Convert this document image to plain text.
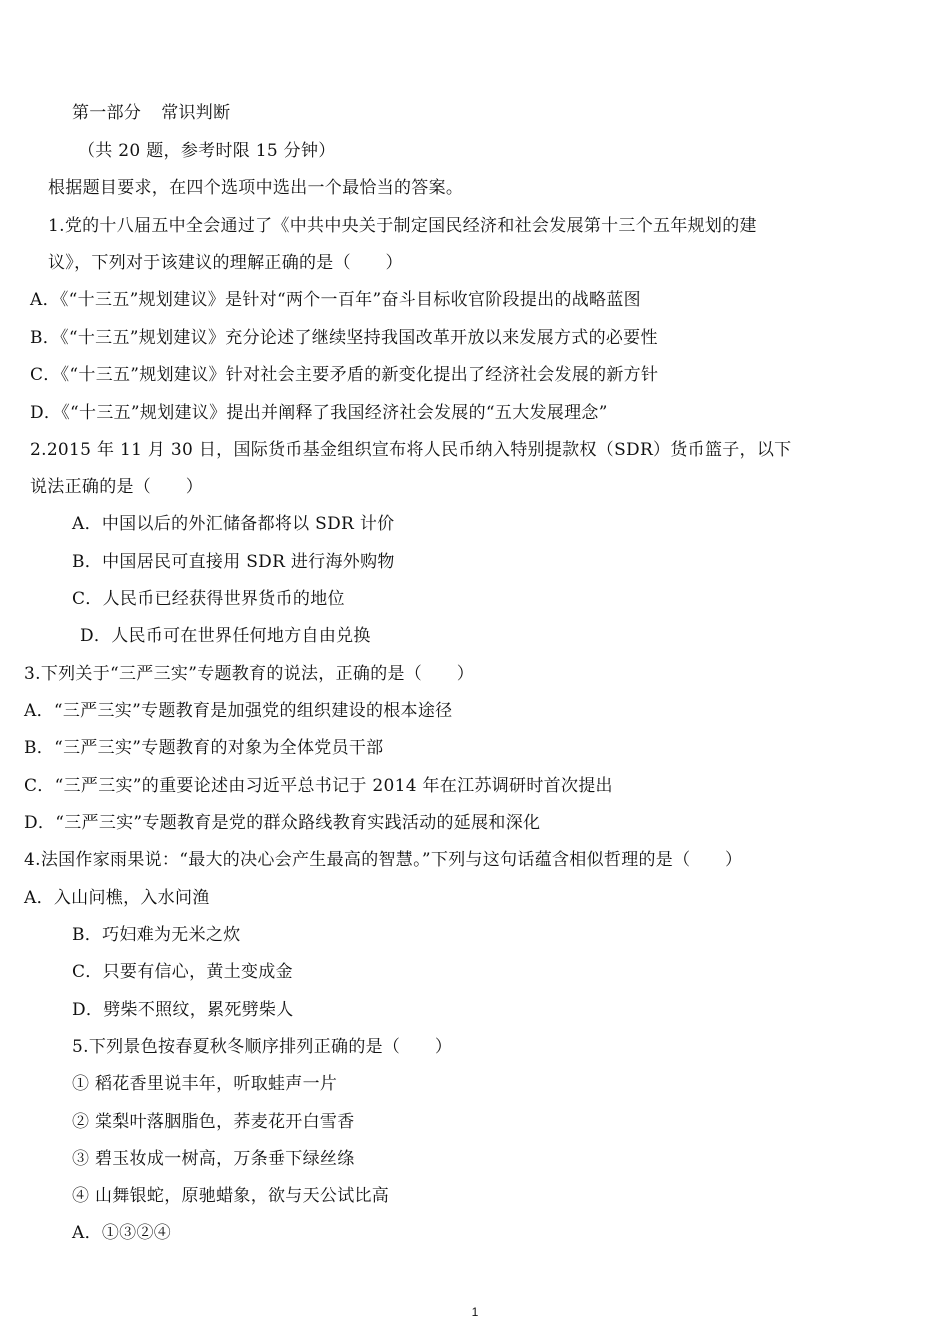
第一部分 常识判断
（共 20 题，参考时限 15 分钟）
根据题目要求，在四个选项中选出一个最恰当的答案。
1.党的十八届五中全会通过了《中共中央关于制定国民经济和社会发展第十三个五年规划的建
议》，下列对于该建议的理解正确的是（　　）
A．《“十三五”规划建议》是针对“两个一百年”奋斗目标收官阶段提出的战略蓝图
B．《“十三五”规划建议》充分论述了继续坚持我国改革开放以来发展方式的必要性
C．《“十三五”规划建议》针对社会主要矛盾的新变化提出了经济社会发展的新方针
D．《“十三五”规划建议》提出并阐释了我国经济社会发展的“五大发展理念”
2.2015 年 11 月 30 日，国际货币基金组织宣布将人民币纳入特别提款权（SDR）货币篮子，以下
说法正确的是（　　）
A．中国以后的外汇储备都将以 SDR 计价
B．中国居民可直接用 SDR 进行海外购物
C．人民币已经获得世界货币的地位
D．人民币可在世界任何地方自由兑换
3.下列关于“三严三实”专题教育的说法，正确的是（　　）
A．“三严三实”专题教育是加强党的组织建设的根本途径
B．“三严三实”专题教育的对象为全体党员干部
C．“三严三实”的重要论述由习近平总书记于 2014 年在江苏调研时首次提出
D．“三严三实”专题教育是党的群众路线教育实践活动的延展和深化
4.法国作家雨果说：“最大的决心会产生最高的智慧。”下列与这句话蕴含相似哲理的是（　　）
A．入山问樵，入水问渔
B．巧妇难为无米之炊
C．只要有信心，黄土变成金
D．劈柴不照纹，累死劈柴人
5.下列景色按春夏秋冬顺序排列正确的是（　　）
① 稻花香里说丰年，听取蛙声一片
② 棠梨叶落胭脂色，荞麦花开白雪香
③ 碧玉妆成一树高，万条垂下绿丝绦
④ 山舞银蛇，原驰蜡象，欲与天公试比高
A．①③②④
1
